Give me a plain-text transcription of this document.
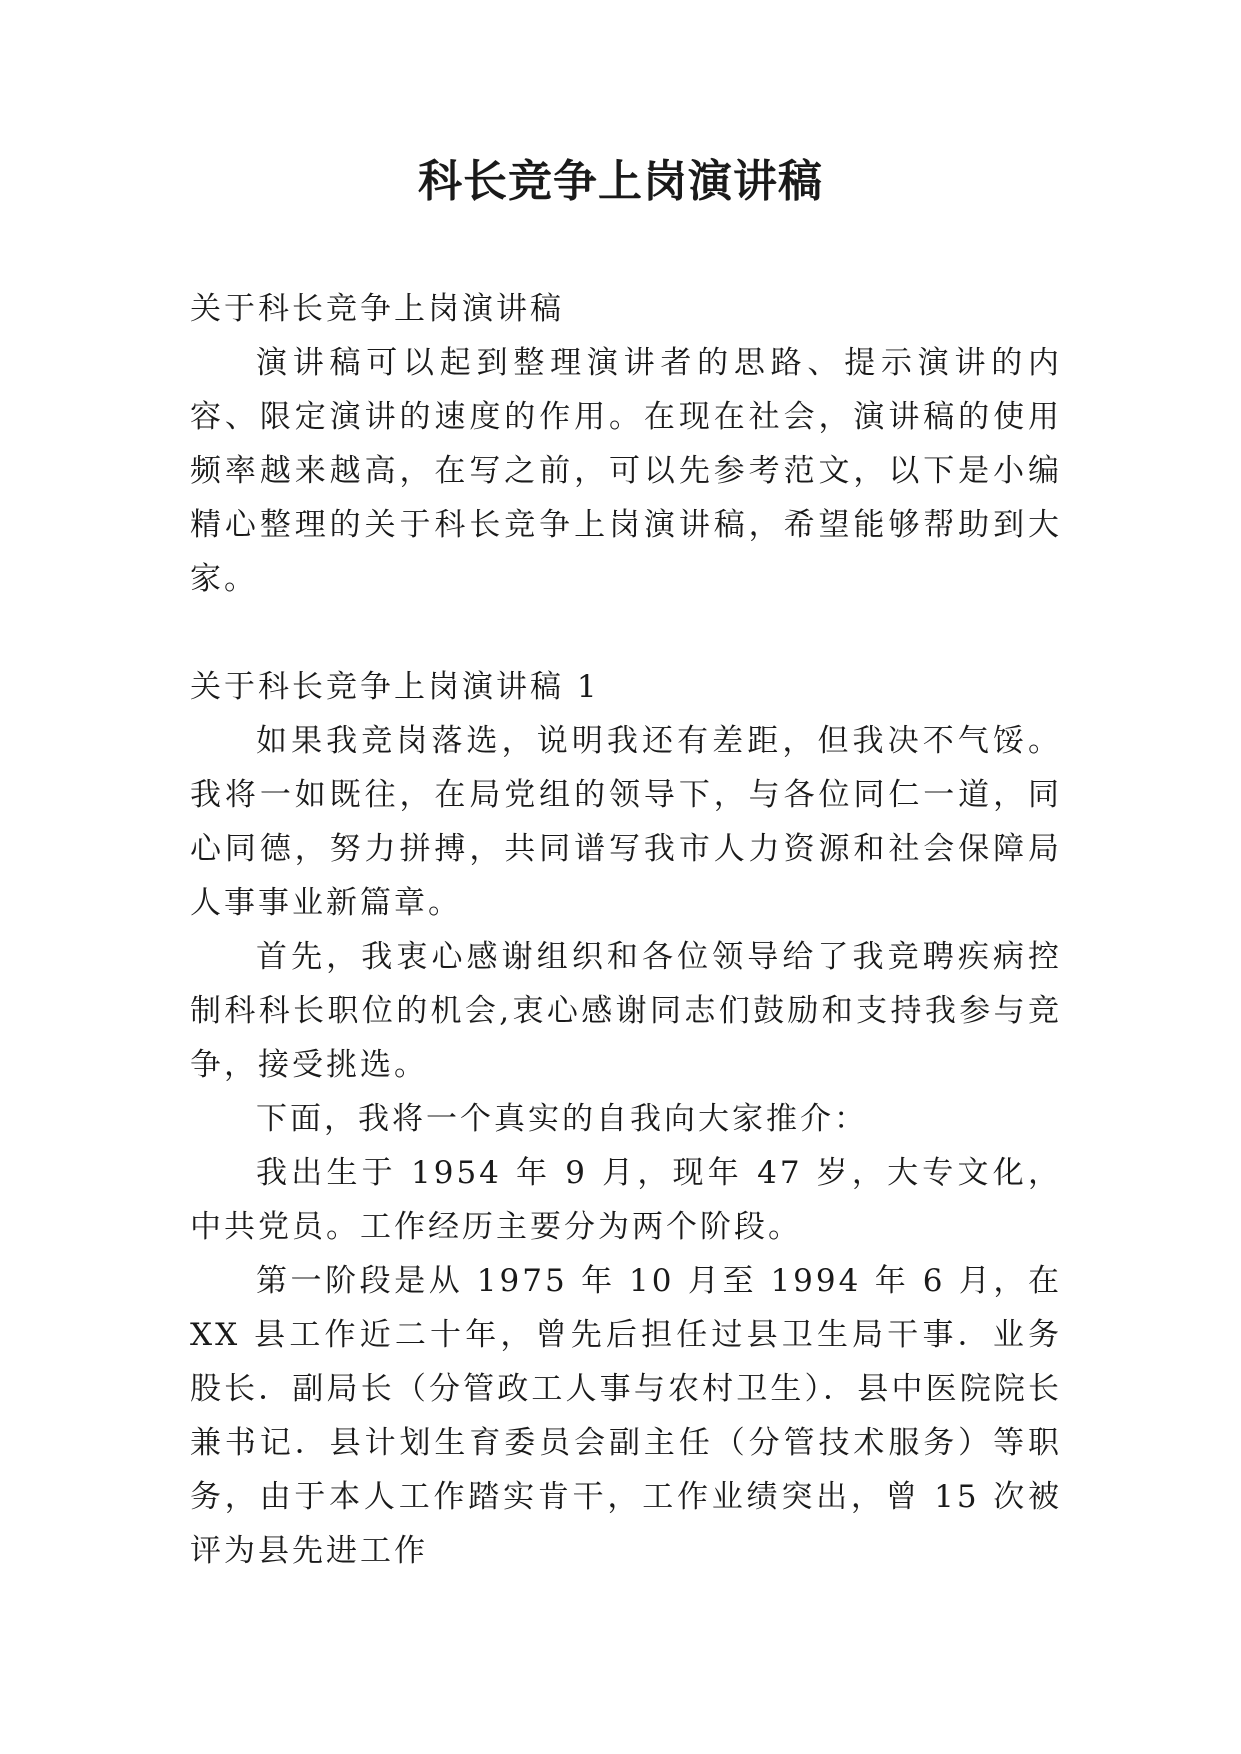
科长竞争上岗演讲稿

关于科长竞争上岗演讲稿

演讲稿可以起到整理演讲者的思路、提示演讲的内容、限定演讲的速度的作用。在现在社会，演讲稿的使用频率越来越高，在写之前，可以先参考范文，以下是小编精心整理的关于科长竞争上岗演讲稿，希望能够帮助到大家。

关于科长竞争上岗演讲稿 1

如果我竞岗落选，说明我还有差距，但我决不气馁。我将一如既往，在局党组的领导下，与各位同仁一道，同心同德，努力拼搏，共同谱写我市人力资源和社会保障局人事事业新篇章。

首先，我衷心感谢组织和各位领导给了我竞聘疾病控制科科长职位的机会,衷心感谢同志们鼓励和支持我参与竞争，接受挑选。

下面，我将一个真实的自我向大家推介：

我出生于 1954 年 9 月，现年 47 岁，大专文化，中共党员。工作经历主要分为两个阶段。

第一阶段是从 1975 年 10 月至 1994 年 6 月，在 XX 县工作近二十年，曾先后担任过县卫生局干事．业务股长．副局长（分管政工人事与农村卫生）．县中医院院长兼书记．县计划生育委员会副主任（分管技术服务）等职务，由于本人工作踏实肯干，工作业绩突出，曾 15 次被评为县先进工作
